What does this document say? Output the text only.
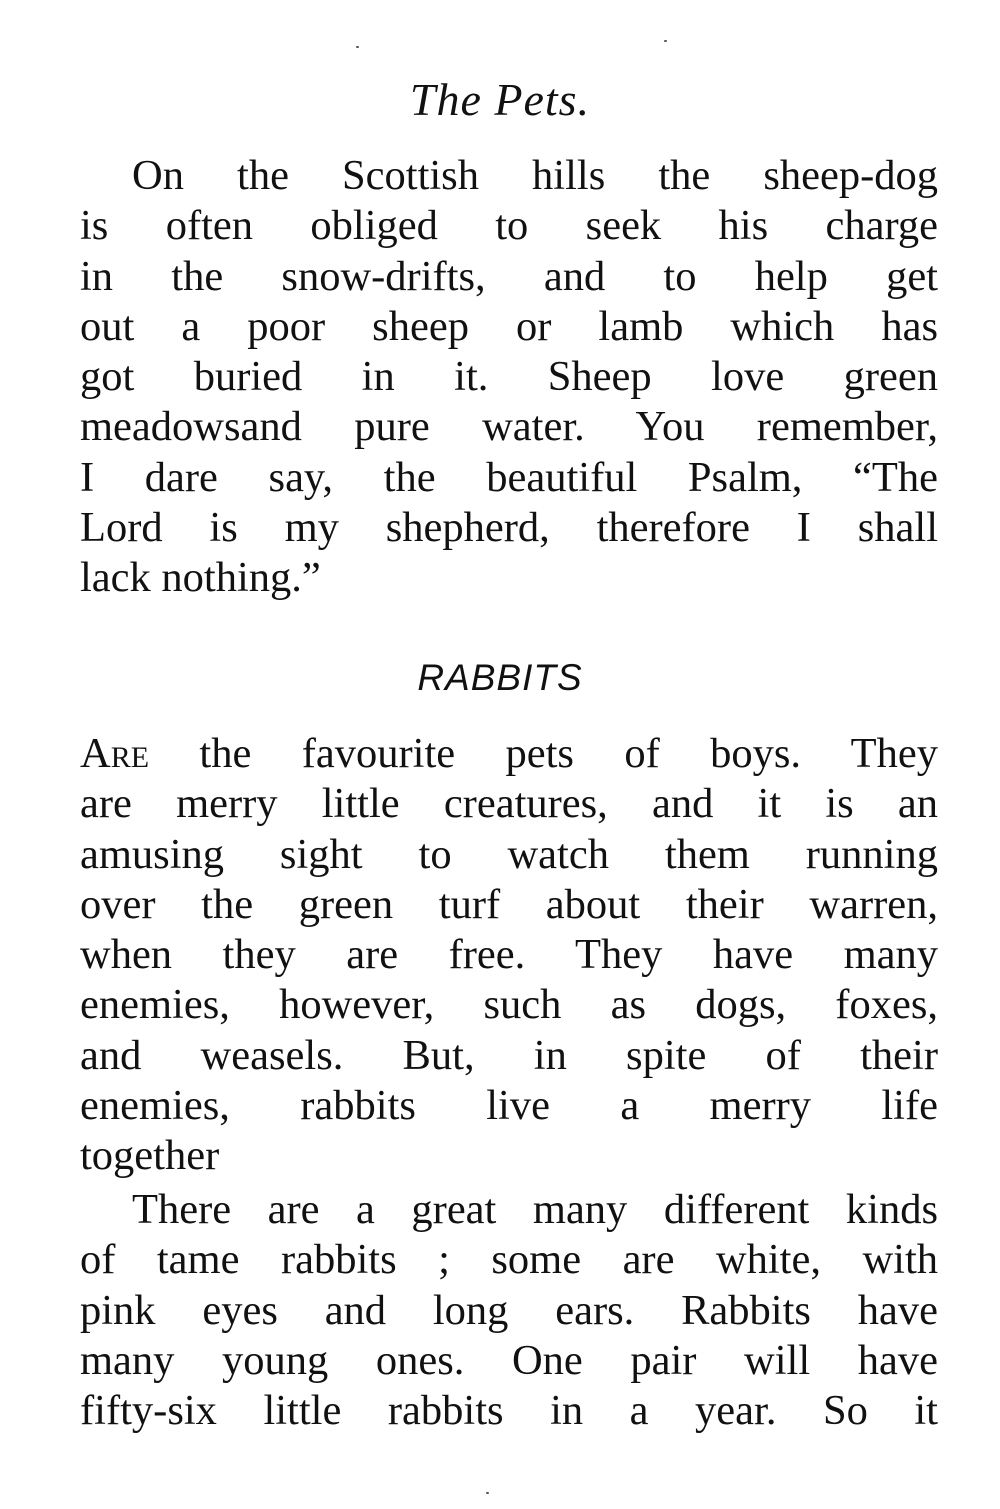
The Pets.
On the Scottish hills the sheep-dog
is often obliged to seek his charge
in the snow-drifts, and to help get
out a poor sheep or lamb which has
got buried in it. Sheep love green
meadowsand pure water. You remember,
I dare say, the beautiful Psalm, “The
Lord is my shepherd, therefore I shall
lack nothing.”
RABBITS
Are the favourite pets of boys. They
are merry little creatures, and it is an
amusing sight to watch them running
over the green turf about their warren,
when they are free. They have many
enemies, however, such as dogs, foxes,
and weasels. But, in spite of their
enemies, rabbits live a merry life
together
There are a great many different kinds
of tame rabbits ; some are white, with
pink eyes and long ears. Rabbits have
many young ones. One pair will have
fifty-six little rabbits in a year. So it
